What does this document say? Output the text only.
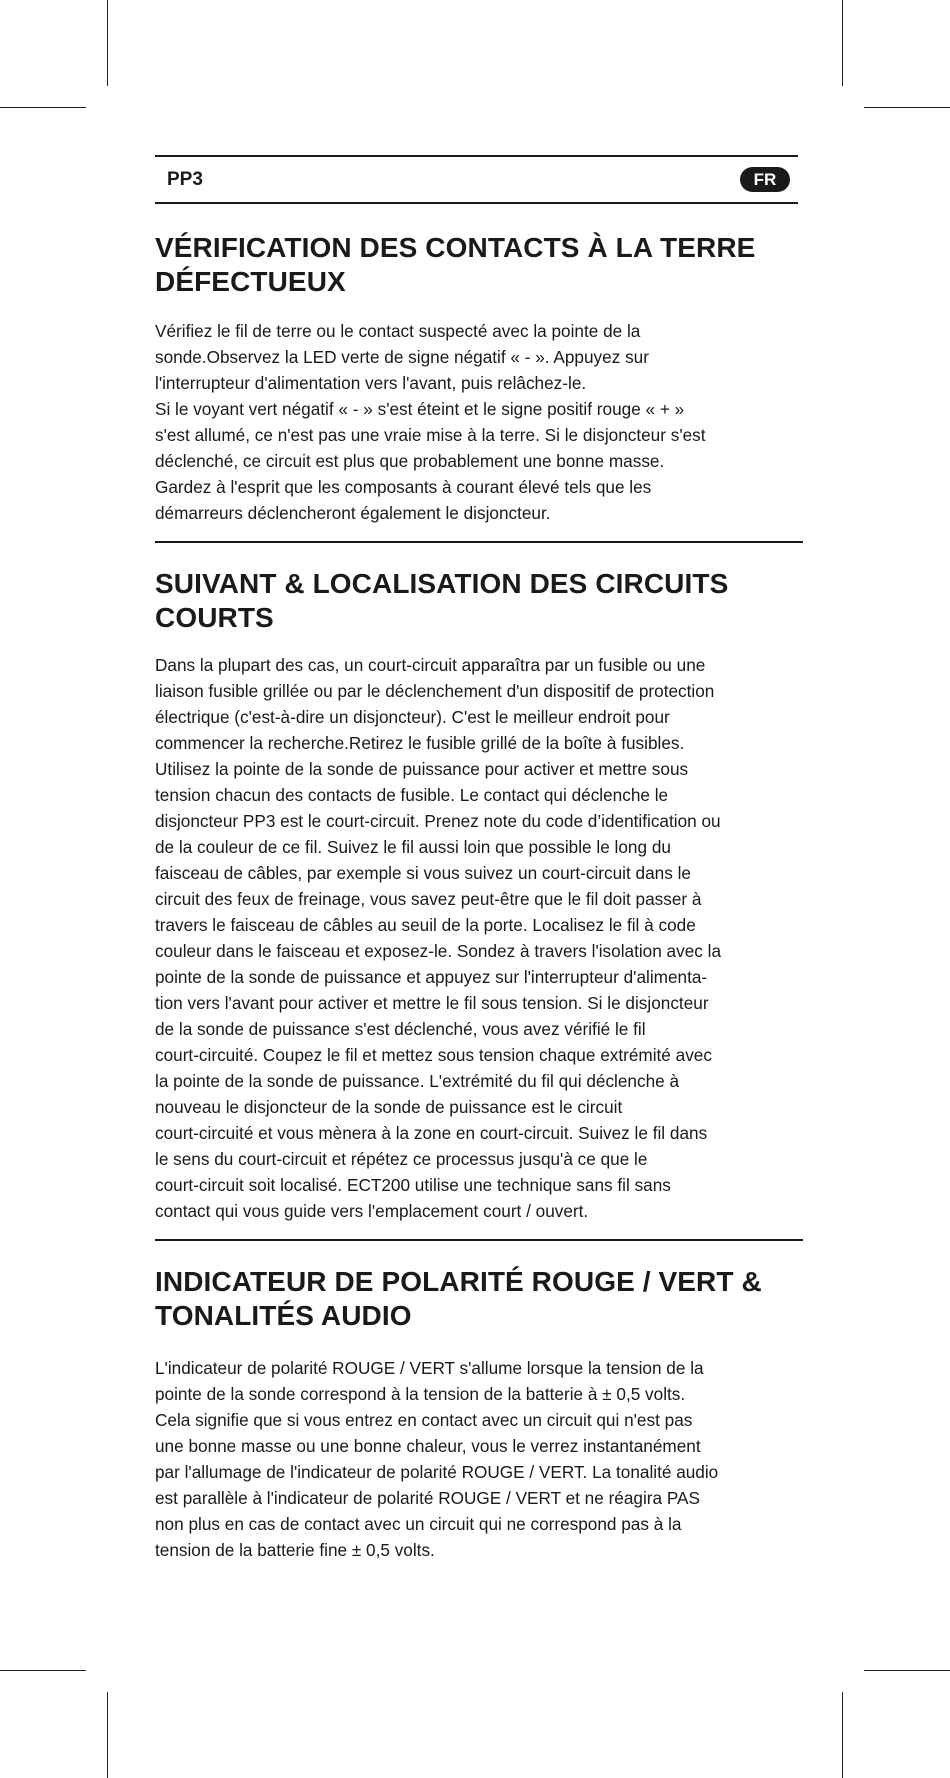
PP3	FR
VÉRIFICATION DES CONTACTS À LA TERRE
DÉFECTUEUX

Vérifiez le fil de terre ou le contact suspecté avec la pointe de la
sonde.Observez la LED verte de signe négatif « - ». Appuyez sur
l'interrupteur d'alimentation vers l'avant, puis relâchez-le.
Si le voyant vert négatif « - » s'est éteint et le signe positif rouge « + »
s'est allumé, ce n'est pas une vraie mise à la terre. Si le disjoncteur s'est
déclenché, ce circuit est plus que probablement une bonne masse.
Gardez à l'esprit que les composants à courant élevé tels que les
démarreurs déclencheront également le disjoncteur.

SUIVANT & LOCALISATION DES CIRCUITS
COURTS

Dans la plupart des cas, un court-circuit apparaîtra par un fusible ou une
liaison fusible grillée ou par le déclenchement d'un dispositif de protection
électrique (c'est-à-dire un disjoncteur). C'est le meilleur endroit pour
commencer la recherche.Retirez le fusible grillé de la boîte à fusibles.
Utilisez la pointe de la sonde de puissance pour activer et mettre sous
tension chacun des contacts de fusible. Le contact qui déclenche le
disjoncteur PP3 est le court-circuit. Prenez note du code d’identification ou
de la couleur de ce fil. Suivez le fil aussi loin que possible le long du
faisceau de câbles, par exemple si vous suivez un court-circuit dans le
circuit des feux de freinage, vous savez peut-être que le fil doit passer à
travers le faisceau de câbles au seuil de la porte. Localisez le fil à code
couleur dans le faisceau et exposez-le. Sondez à travers l'isolation avec la
pointe de la sonde de puissance et appuyez sur l'interrupteur d'alimenta-
tion vers l'avant pour activer et mettre le fil sous tension. Si le disjoncteur
de la sonde de puissance s'est déclenché, vous avez vérifié le fil
court-circuité. Coupez le fil et mettez sous tension chaque extrémité avec
la pointe de la sonde de puissance. L'extrémité du fil qui déclenche à
nouveau le disjoncteur de la sonde de puissance est le circuit
court-circuité et vous mènera à la zone en court-circuit. Suivez le fil dans
le sens du court-circuit et répétez ce processus jusqu'à ce que le
court-circuit soit localisé. ECT200 utilise une technique sans fil sans
contact qui vous guide vers l'emplacement court / ouvert.

INDICATEUR DE POLARITÉ ROUGE / VERT &
TONALITÉS AUDIO

L'indicateur de polarité ROUGE / VERT s'allume lorsque la tension de la
pointe de la sonde correspond à la tension de la batterie à ± 0,5 volts.
Cela signifie que si vous entrez en contact avec un circuit qui n'est pas
une bonne masse ou une bonne chaleur, vous le verrez instantanément
par l'allumage de l'indicateur de polarité ROUGE / VERT. La tonalité audio
est parallèle à l'indicateur de polarité ROUGE / VERT et ne réagira PAS
non plus en cas de contact avec un circuit qui ne correspond pas à la
tension de la batterie fine ± 0,5 volts.
